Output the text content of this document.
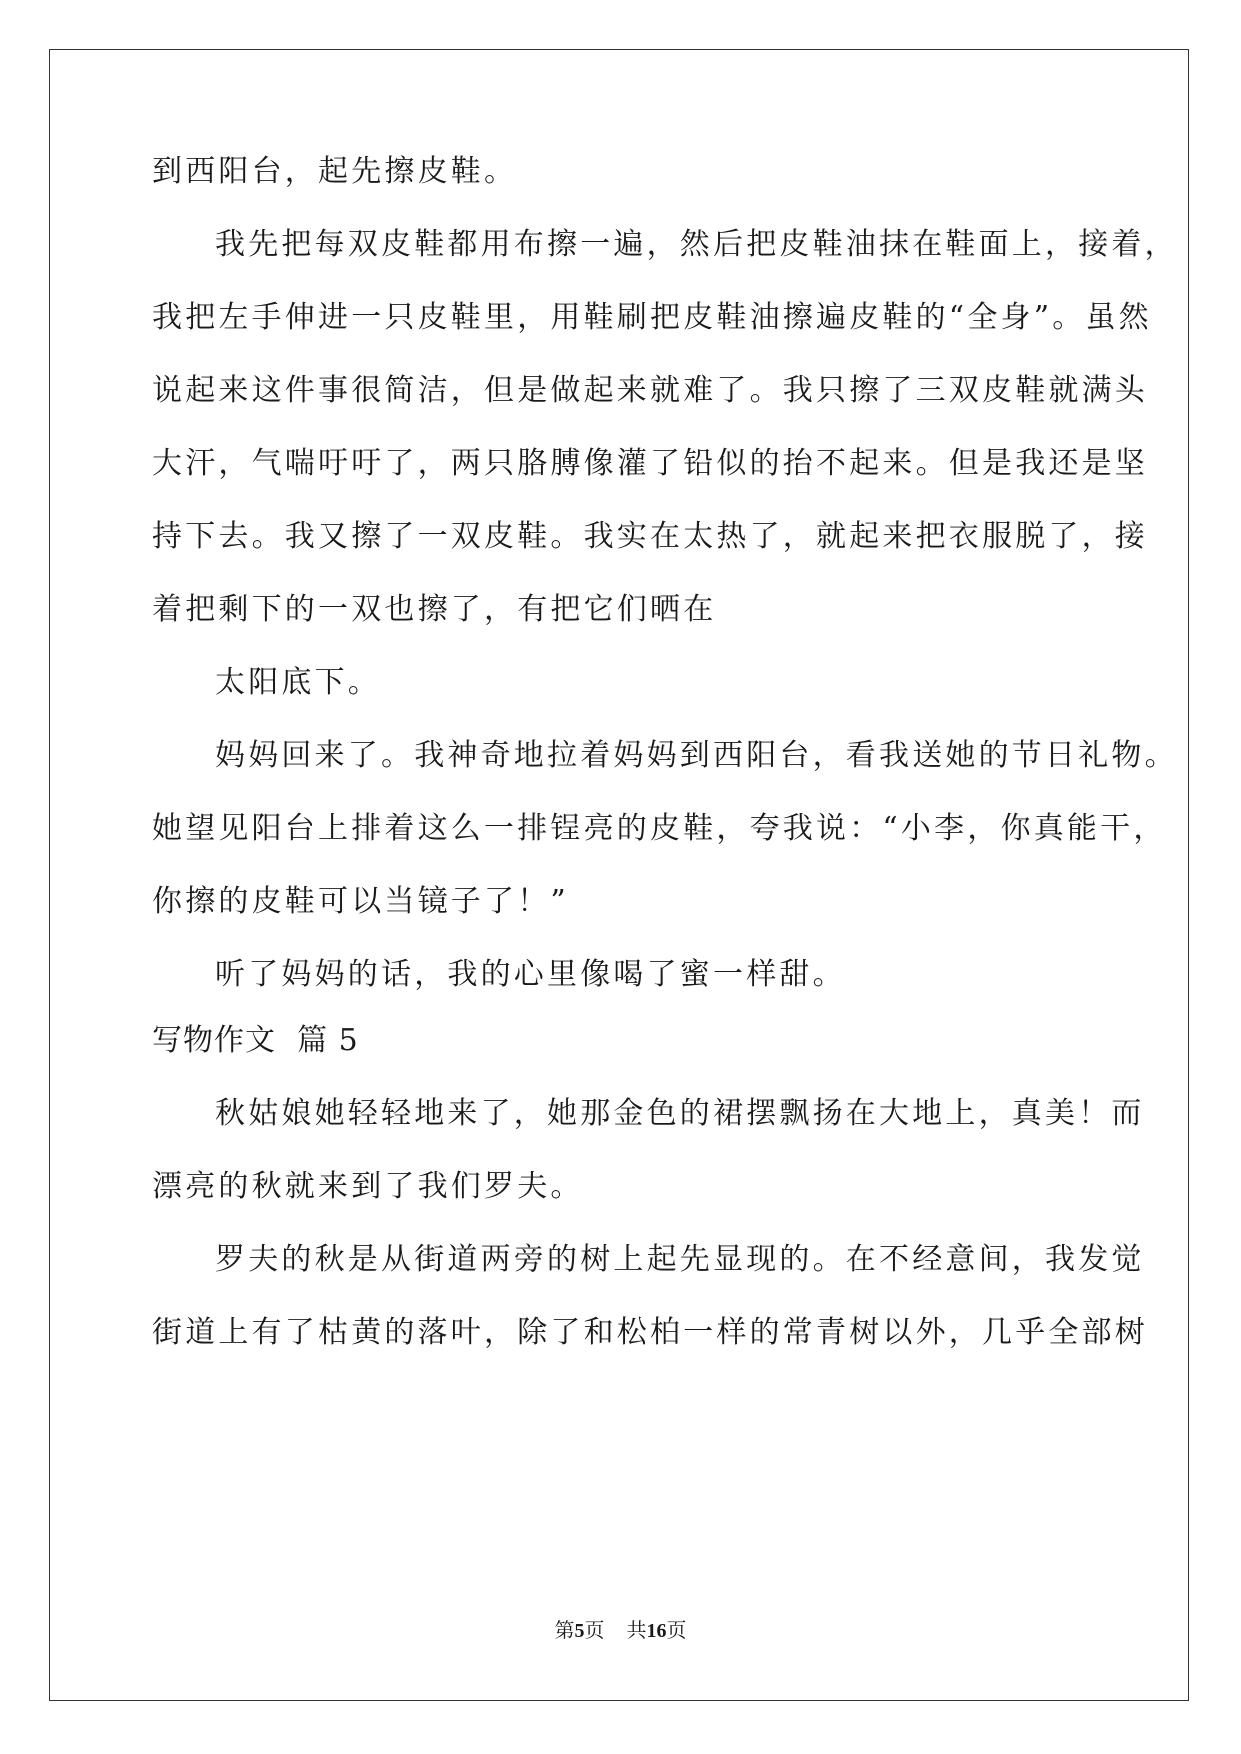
到西阳台，起先擦皮鞋。
我先把每双皮鞋都用布擦一遍，然后把皮鞋油抹在鞋面上，接着，
我把左手伸进一只皮鞋里，用鞋刷把皮鞋油擦遍皮鞋的“全身”。虽然
说起来这件事很简洁，但是做起来就难了。我只擦了三双皮鞋就满头
大汗，气喘吁吁了，两只胳膊像灌了铅似的抬不起来。但是我还是坚
持下去。我又擦了一双皮鞋。我实在太热了，就起来把衣服脱了，接
着把剩下的一双也擦了，有把它们晒在
太阳底下。
妈妈回来了。我神奇地拉着妈妈到西阳台，看我送她的节日礼物。
她望见阳台上排着这么一排锃亮的皮鞋，夸我说：“小李，你真能干，
你擦的皮鞋可以当镜子了！”
听了妈妈的话，我的心里像喝了蜜一样甜。
写物作文  篇 5
秋姑娘她轻轻地来了，她那金色的裙摆飘扬在大地上，真美！而
漂亮的秋就来到了我们罗夫。
罗夫的秋是从街道两旁的树上起先显现的。在不经意间，我发觉
街道上有了枯黄的落叶，除了和松柏一样的常青树以外，几乎全部树
第5页 共16页
